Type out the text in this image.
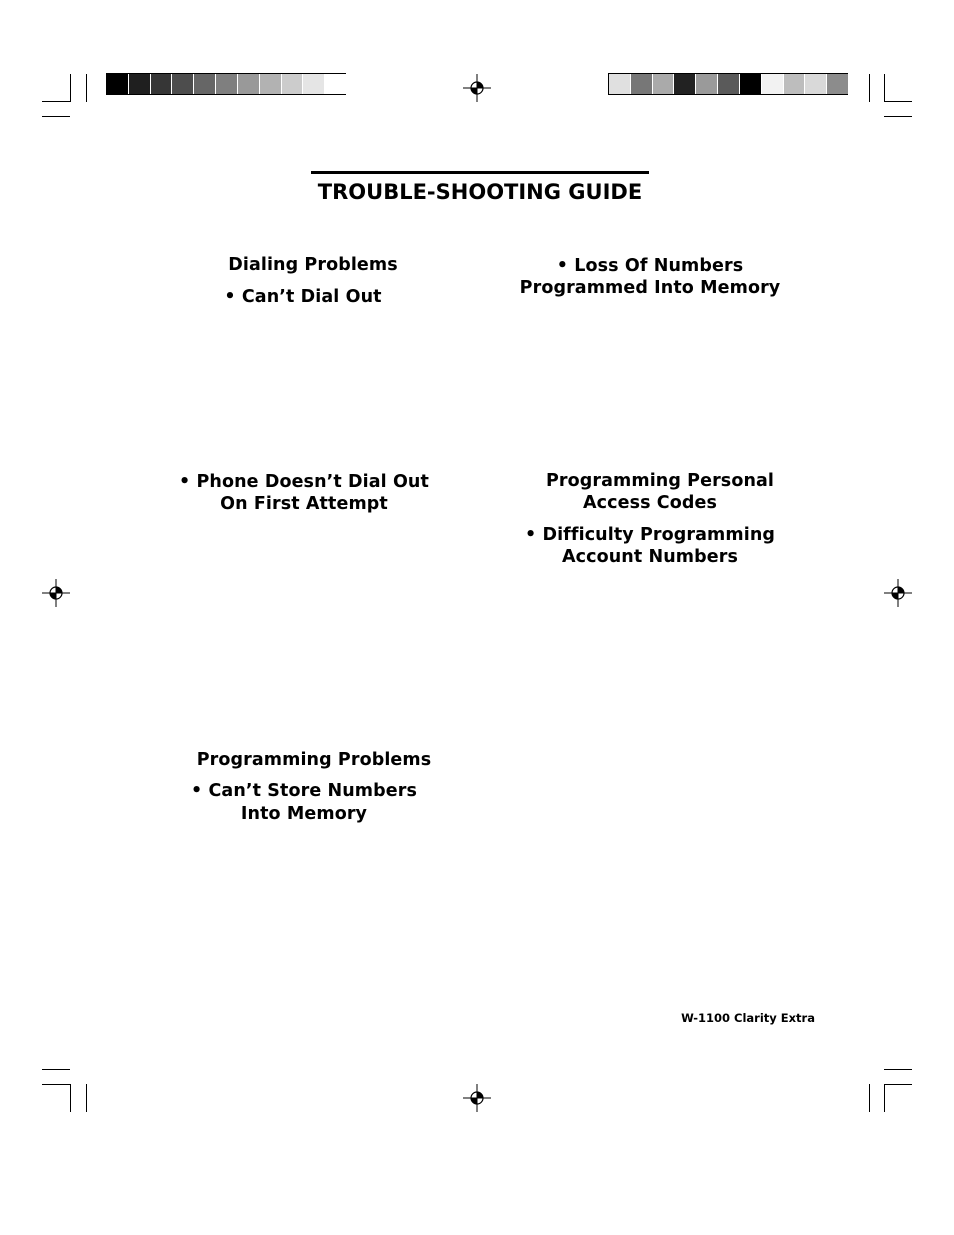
TROUBLE-SHOOTING GUIDE
Dialing Problems
• Can’t Dial Out
• Phone Doesn’t Dial Out
On First Attempt
Programming Problems
• Can’t Store Numbers
Into Memory
• Loss Of Numbers
Programmed Into Memory
Programming Personal
Access Codes
• Difficulty Programming
Account Numbers
W-1100 Clarity Extra
